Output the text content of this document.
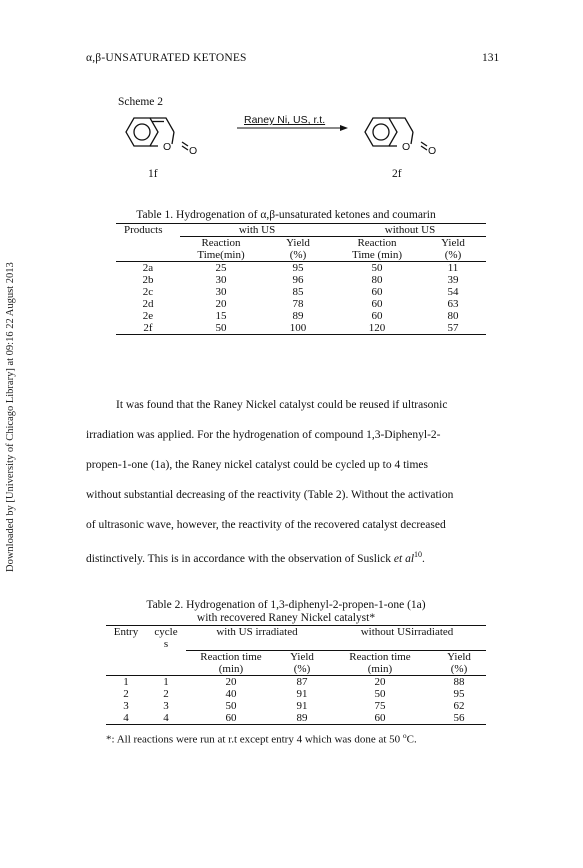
α,β-UNSATURATED KETONES	131
Downloaded by [University of Chicago Library] at 09:16 22 August 2013
Scheme 2
O O	O O
Raney Ni, US, r.t.
1f	2f
Table 1. Hydrogenation of α,β-unsaturated ketones and coumarin
Products	with US		without US	
	Reaction	Yield	Reaction	Yield
	Time(min)	(%)	Time (min)	(%)
2a	25	95	50	11
2b	30	96	80	39
2c	30	85	60	54
2d	20	78	60	63
2e	15	89	60	80
2f	50	100	120	57
It was found that the Raney Nickel catalyst could be reused if ultrasonic
irradiation was applied. For the hydrogenation of compound 1,3-Diphenyl-2-
propen-1-one (1a), the Raney nickel catalyst could be cycled up to 4 times
without substantial decreasing of the reactivity (Table 2). Without the activation
of ultrasonic wave, however, the reactivity of the recovered catalyst decreased
distinctively. This is in accordance with the observation of Suslick et $al^{10}$.
Table 2. Hydrogenation of 1,3-diphenyl-2-propen-1-one (1a)
with recovered Raney Nickel catalyst*
Entry	cycle	with US irradiated		without USirradiated	
	s				
		Reaction time	Yield	Reaction time	Yield
		(min)	(%)	(min)	(%)
1	1	20	87	20	88
2	2	40	91	50	95
3	3	50	91	75	62
4	4	60	89	60	56
*: All reactions were run at r.t except entry 4 which was done at 50 $^o$C.
